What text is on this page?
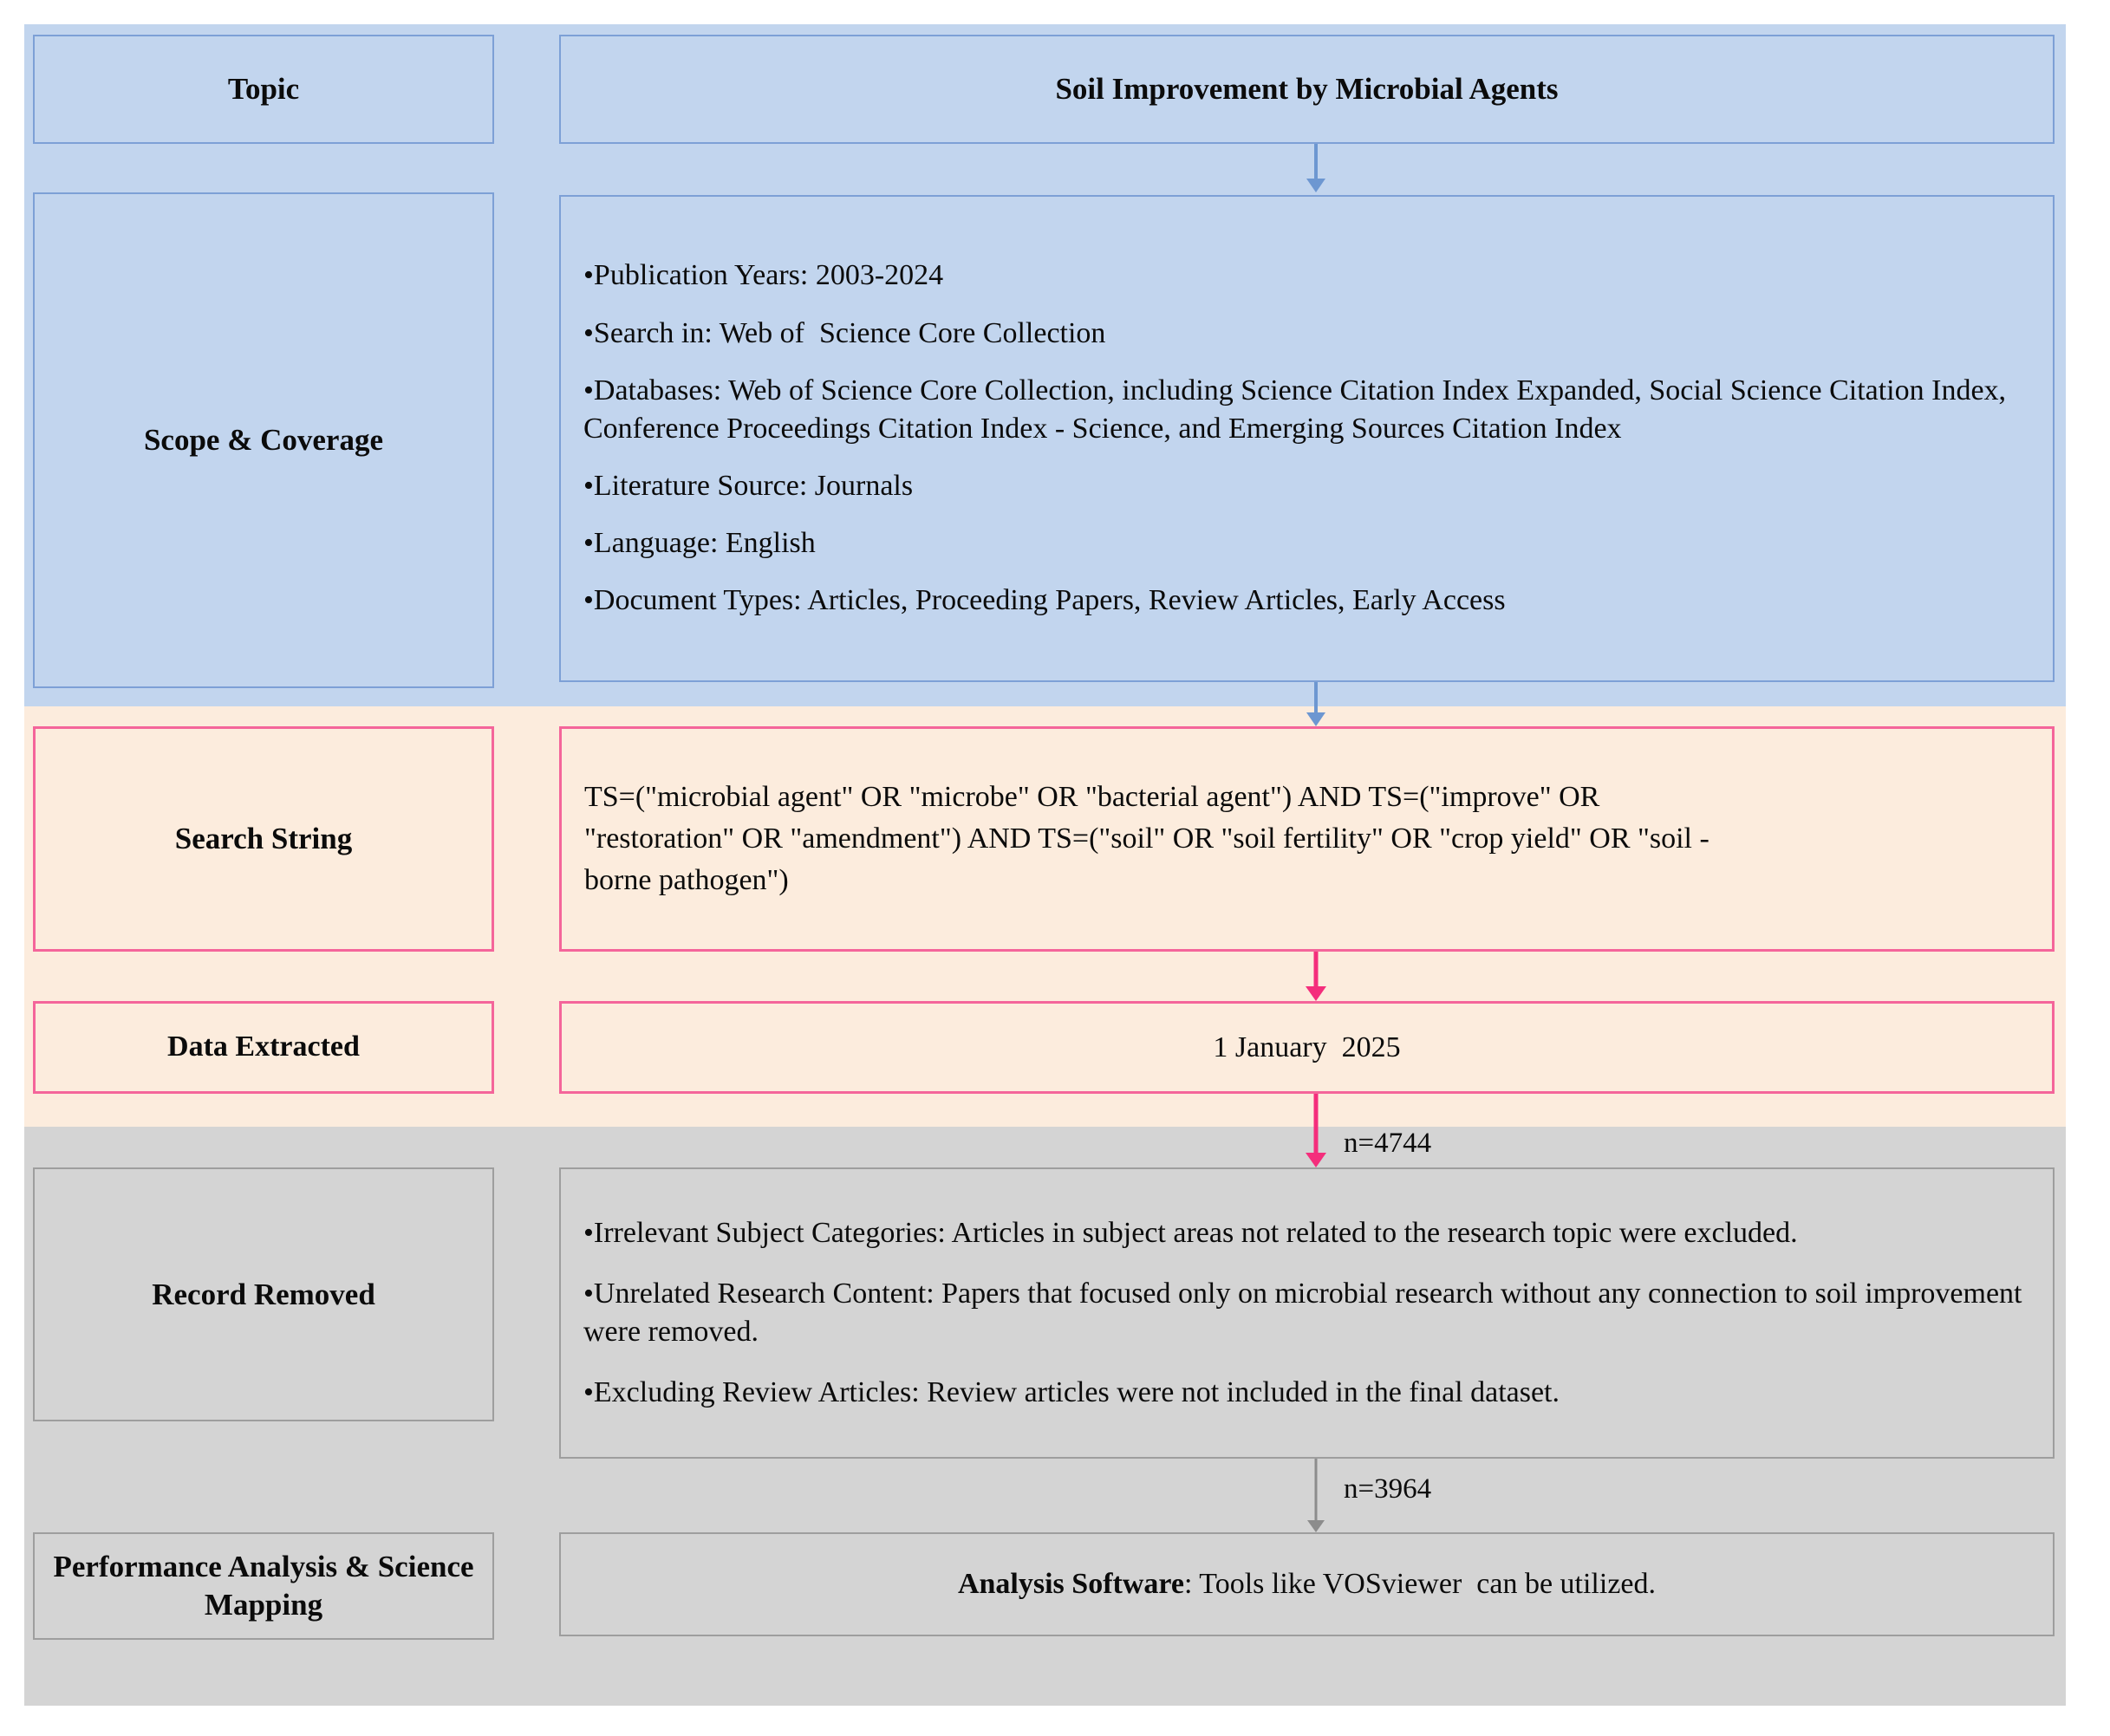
Topic	Soil Improvement by Microbial Agents
Scope & Coverage
• Publication Years: 2003-2024
• Search in: Web of  Science Core Collection
• Databases: Web of Science Core Collection, including Science Citation Index Expanded, Social Science Citation Index, Conference Proceedings Citation Index - Science, and Emerging Sources Citation Index
• Literature Source: Journals
• Language: English
• Document Types: Articles, Proceeding Papers, Review Articles, Early Access
Search String
TS=("microbial agent" OR "microbe" OR "bacterial agent") AND TS=("improve" OR
"restoration" OR "amendment") AND TS=("soil" OR "soil fertility" OR "crop yield" OR "soil -
borne pathogen")
Data Extracted	1 January  2025
n=4744
Record Removed
• Irrelevant Subject Categories: Articles in subject areas not related to the research topic were excluded.
• Unrelated Research Content: Papers that focused only on microbial research without any connection to soil improvement were removed.
• Excluding Review Articles: Review articles were not included in the final dataset.
n=3964
Performance Analysis & Science Mapping
Analysis Software: Tools like VOSviewer  can be utilized.
